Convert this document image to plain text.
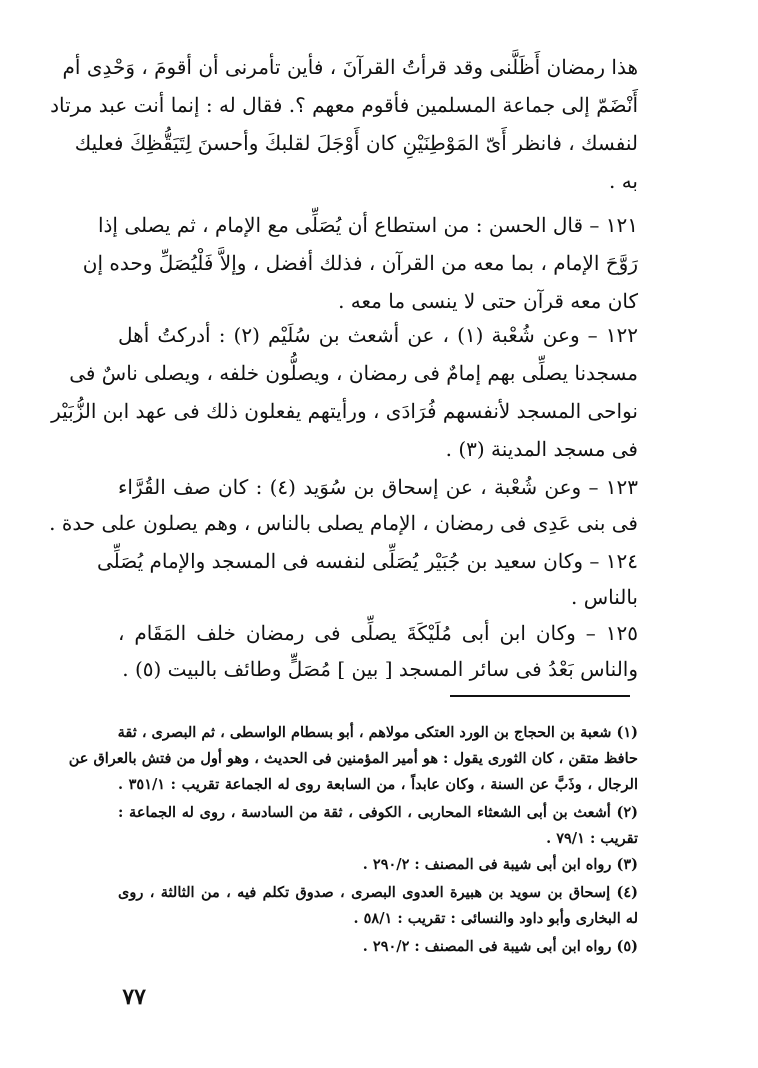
هذا رمضان أَظَلَّنى وقد قرأتُ القرآنَ ، فأين تأمرنى أن أقومَ ، وَحْدِى أم
أَنْضَمّ إلى جماعة المسلمين فأقوم معهم ؟. فقال له : إنما أنت عبد مرتاد
لنفسك ، فانظر أَىّ المَوْطِنَيْنِ كان أَوْجَلَ لقلبكَ وأحسنَ لِتَيَقُّظِكَ فعليك
به .
١٢١ – قال الحسن : من استطاع أن يُصَلِّى مع الإمام ، ثم يصلى إذا
رَوَّحَ الإمام ، بما معه من القرآن ، فذلك أفضل ، وإلاَّ فَلْيُصَلِّ وحده إن
كان معه قرآن حتى لا ينسى ما معه .
١٢٢ – وعن شُعْبة (١) ، عن أشعث بن سُلَيْم (٢) : أدركتُ أهل
مسجدنا يصلِّى بهم إمامٌ فى رمضان ، ويصلُّون خلفه ، ويصلى ناسٌ فى
نواحى المسجد لأنفسهم فُرَادَى ، ورأيتهم يفعلون ذلك فى عهد ابن الزُّبَيْر
فى مسجد المدينة (٣) .
١٢٣ – وعن شُعْبة ، عن إسحاق بن سُوَيد (٤) : كان صف القُرَّاء
فى بنى عَدِى فى رمضان ، الإمام يصلى بالناس ، وهم يصلون على حدة .
١٢٤ – وكان سعيد بن جُبَيْر يُصَلِّى لنفسه فى المسجد والإمام يُصَلِّى
بالناس .
١٢٥ – وكان ابن أبى مُلَيْكَةَ يصلِّى فى رمضان خلف المَقَام ،
والناس بَعْدُ فى سائر المسجد [ بين ] مُصَلٍّ وطائف بالبيت (٥) .
(١) شعبة بن الحجاج بن الورد العتكى مولاهم ، أبو بسطام الواسطى ، ثم البصرى ، ثقة
حافظ متقن ، كان الثورى يقول : هو أمير المؤمنين فى الحديث ، وهو أول من فتش بالعراق عن
الرجال ، وذَبَّ عن السنة ، وكان عابداً ، من السابعة روى له الجماعة تقريب : ٣٥١/١ .
(٢) أشعث بن أبى الشعثاء المحاربى ، الكوفى ، ثقة من السادسة ، روى له الجماعة :
تقريب : ٧٩/١ .
(٣) رواه ابن أبى شيبة فى المصنف : ٢٩٠/٢ .
(٤) إسحاق بن سويد بن هبيرة العدوى البصرى ، صدوق تكلم فيه ، من الثالثة ، روى
له البخارى وأبو داود والنسائى : تقريب : ٥٨/١ .
(٥) رواه ابن أبى شيبة فى المصنف : ٢٩٠/٢ .
٧٧
